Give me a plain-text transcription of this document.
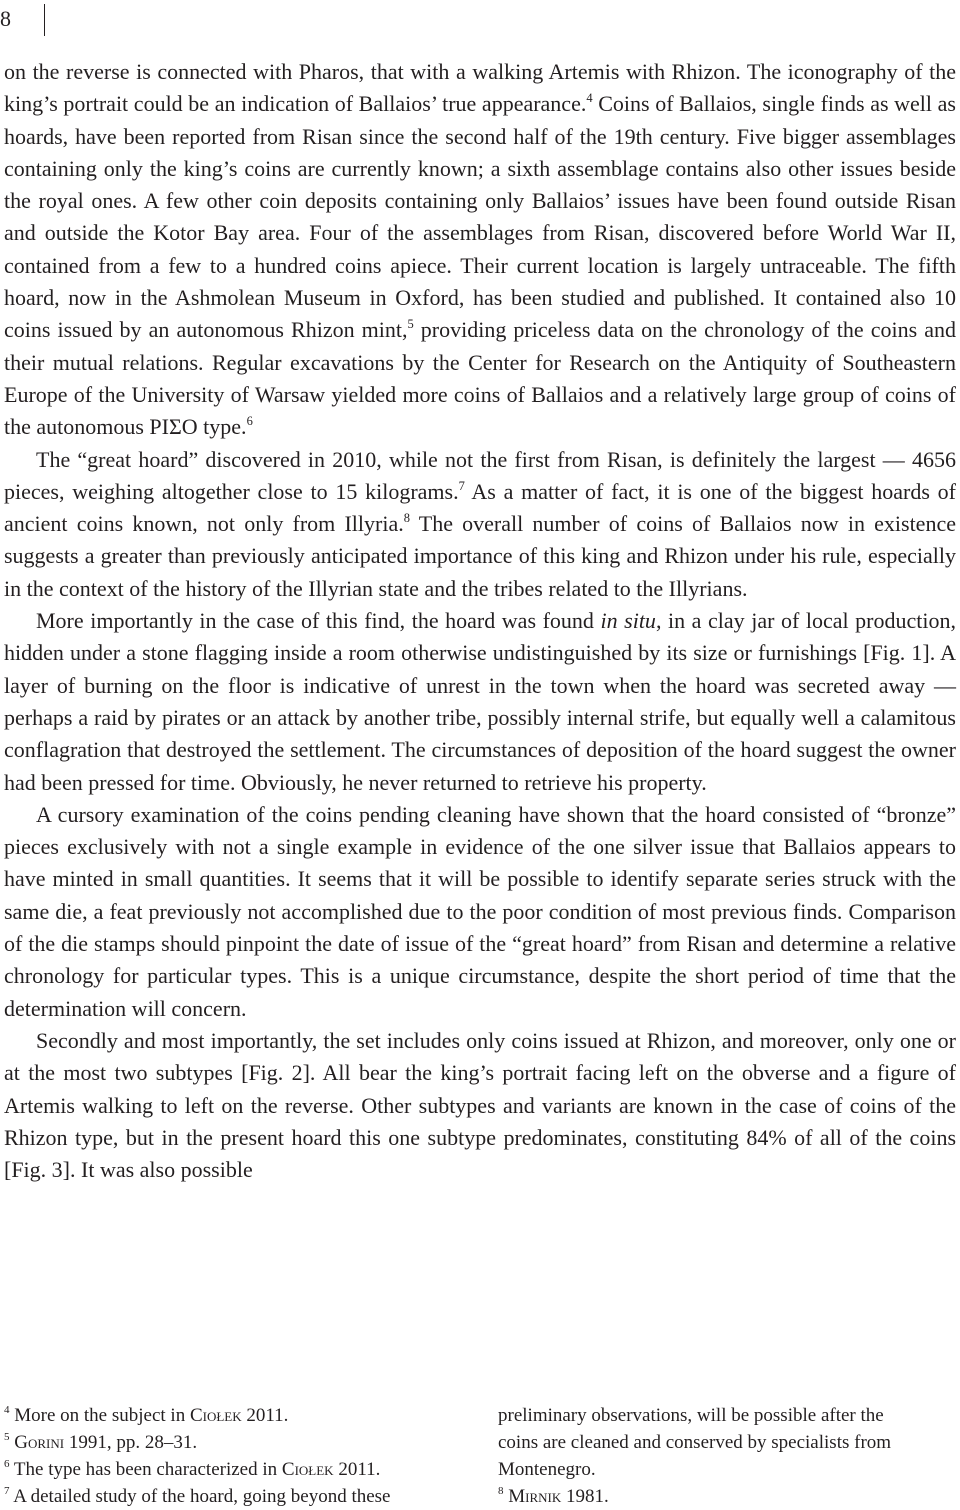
8

on the reverse is connected with Pharos, that with a walking Artemis with Rhizon. The iconography of the king’s portrait could be an indication of Ballaios’ true appearance.$^4$ Coins of Ballaios, single finds as well as hoards, have been reported from Risan since the second half of the 19th century. Five bigger assemblages containing only the king’s coins are currently known; a sixth assemblage contains also other issues beside the royal ones. A few other coin deposits containing only Ballaios’ issues have been found outside Risan and outside the Kotor Bay area. Four of the assemblages from Risan, discovered before World War II, contained from a few to a hundred coins apiece. Their current location is largely untraceable. The fifth hoard, now in the Ashmolean Museum in Oxford, has been studied and published. It contained also 10 coins issued by an autonomous Rhizon mint,$^5$ providing priceless data on the chronology of the coins and their mutual relations. Regular excavations by the Center for Research on the Antiquity of Southeastern Europe of the University of Warsaw yielded more coins of Ballaios and a relatively large group of coins of the autonomous ΡΙΣΟ type.$^6$

The “great hoard” discovered in 2010, while not the first from Risan, is definitely the largest — 4656 pieces, weighing altogether close to 15 kilograms.$^7$ As a matter of fact, it is one of the biggest hoards of ancient coins known, not only from Illyria.$^8$ The overall number of coins of Ballaios now in existence suggests a greater than previously anticipated importance of this king and Rhizon under his rule, especially in the context of the history of the Illyrian state and the tribes related to the Illyrians.

More importantly in the case of this find, the hoard was found in situ, in a clay jar of local production, hidden under a stone flagging inside a room otherwise undistinguished by its size or furnishings [Fig. 1]. A layer of burning on the floor is indicative of unrest in the town when the hoard was secreted away — perhaps a raid by pirates or an attack by another tribe, possibly internal strife, but equally well a calamitous conflagration that destroyed the settlement. The circumstances of deposition of the hoard suggest the owner had been pressed for time. Obviously, he never returned to retrieve his property.

A cursory examination of the coins pending cleaning have shown that the hoard consisted of “bronze” pieces exclusively with not a single example in evidence of the one silver issue that Ballaios appears to have minted in small quantities. It seems that it will be possible to identify separate series struck with the same die, a feat previously not accomplished due to the poor condition of most previous finds. Comparison of the die stamps should pinpoint the date of issue of the “great hoard” from Risan and determine a relative chronology for particular types. This is a unique circumstance, despite the short period of time that the determination will concern.

Secondly and most importantly, the set includes only coins issued at Rhizon, and moreover, only one or at the most two subtypes [Fig. 2]. All bear the king’s portrait facing left on the obverse and a figure of Artemis walking to left on the reverse. Other subtypes and variants are known in the case of coins of the Rhizon type, but in the present hoard this one subtype predominates, constituting 84% of all of the coins [Fig. 3]. It was also possible

$^4$ More on the subject in Ciołek 2011.
$^5$ Gorini 1991, pp. 28–31.
$^6$ The type has been characterized in Ciołek 2011.
$^7$ A detailed study of the hoard, going beyond these
preliminary observations, will be possible after the
coins are cleaned and conserved by specialists from
Montenegro.
$^8$ Mirnik 1981.
